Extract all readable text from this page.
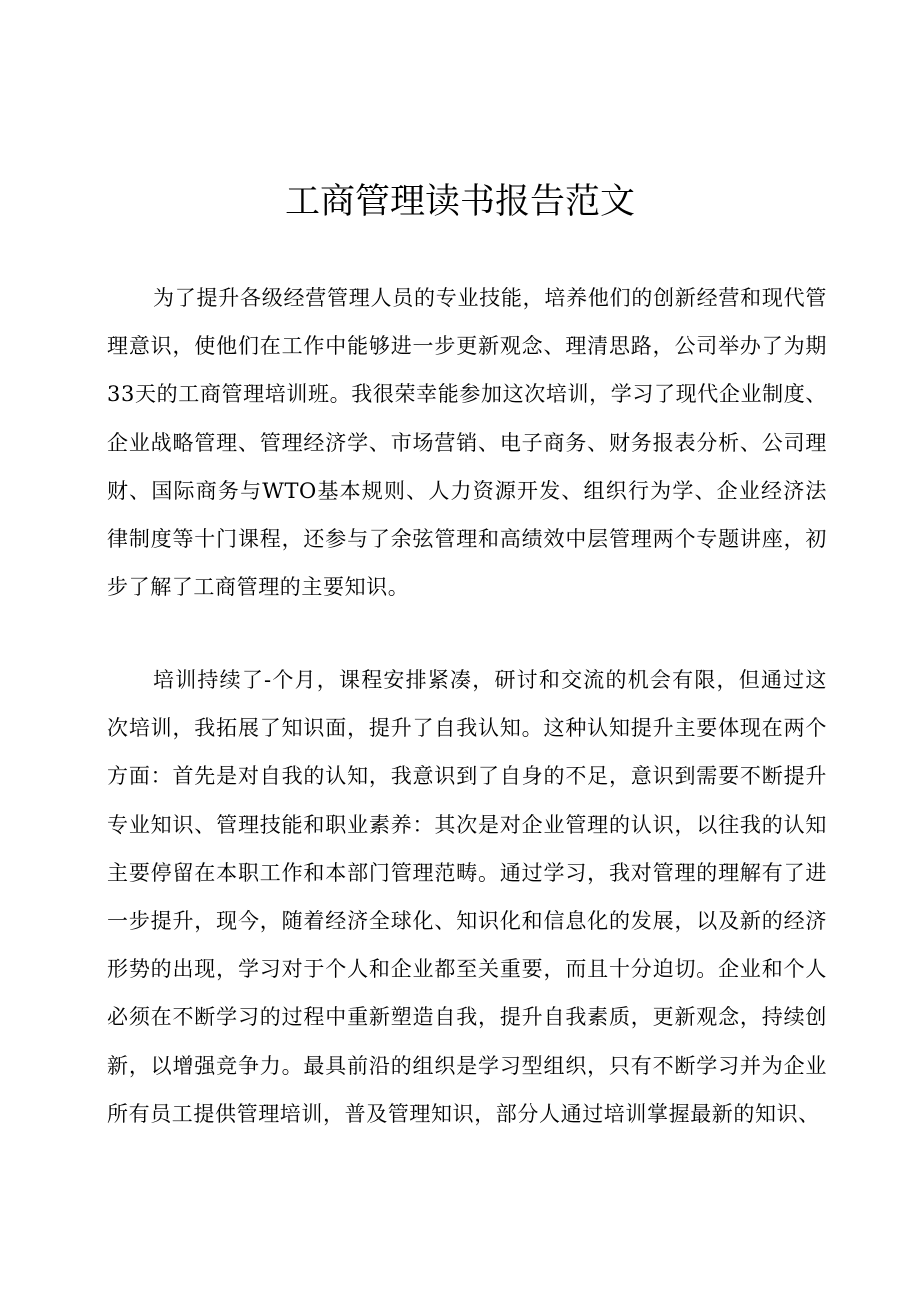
工商管理读书报告范文

为了提升各级经营管理人员的专业技能，培养他们的创新经营和现代管理意识，使他们在工作中能够进一步更新观念、理清思路，公司举办了为期33天的工商管理培训班。我很荣幸能参加这次培训，学习了现代企业制度、企业战略管理、管理经济学、市场营销、电子商务、财务报表分析、公司理财、国际商务与WTO基本规则、人力资源开发、组织行为学、企业经济法律制度等十门课程，还参与了余弦管理和高绩效中层管理两个专题讲座，初步了解了工商管理的主要知识。

培训持续了-个月，课程安排紧凑，研讨和交流的机会有限，但通过这次培训，我拓展了知识面，提升了自我认知。这种认知提升主要体现在两个方面：首先是对自我的认知，我意识到了自身的不足，意识到需要不断提升专业知识、管理技能和职业素养：其次是对企业管理的认识，以往我的认知主要停留在本职工作和本部门管理范畴。通过学习，我对管理的理解有了进一步提升，现今，随着经济全球化、知识化和信息化的发展，以及新的经济形势的出现，学习对于个人和企业都至关重要，而且十分迫切。企业和个人必须在不断学习的过程中重新塑造自我，提升自我素质，更新观念，持续创新，以增强竞争力。最具前沿的组织是学习型组织，只有不断学习并为企业所有员工提供管理培训，普及管理知识，部分人通过培训掌握最新的知识、
